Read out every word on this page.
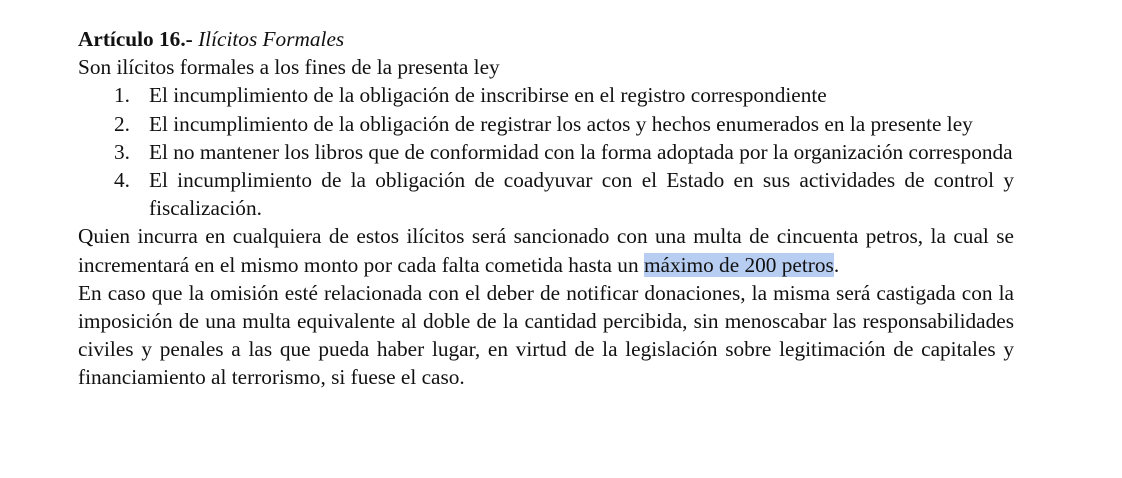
Artículo 16.- Ilícitos Formales
Son ilícitos formales a los fines de la presenta ley
1. El incumplimiento de la obligación de inscribirse en el registro correspondiente
2. El incumplimiento de la obligación de registrar los actos y hechos enumerados en la presente ley
3. El no mantener los libros que de conformidad con la forma adoptada por la organización corresponda
4. El incumplimiento de la obligación de coadyuvar con el Estado en sus actividades de control y fiscalización.
Quien incurra en cualquiera de estos ilícitos será sancionado con una multa de cincuenta petros, la cual se incrementará en el mismo monto por cada falta cometida hasta un máximo de 200 petros.
En caso que la omisión esté relacionada con el deber de notificar donaciones, la misma será castigada con la imposición de una multa equivalente al doble de la cantidad percibida, sin menoscabar las responsabilidades civiles y penales a las que pueda haber lugar, en virtud de la legislación sobre legitimación de capitales y financiamiento al terrorismo, si fuese el caso.
